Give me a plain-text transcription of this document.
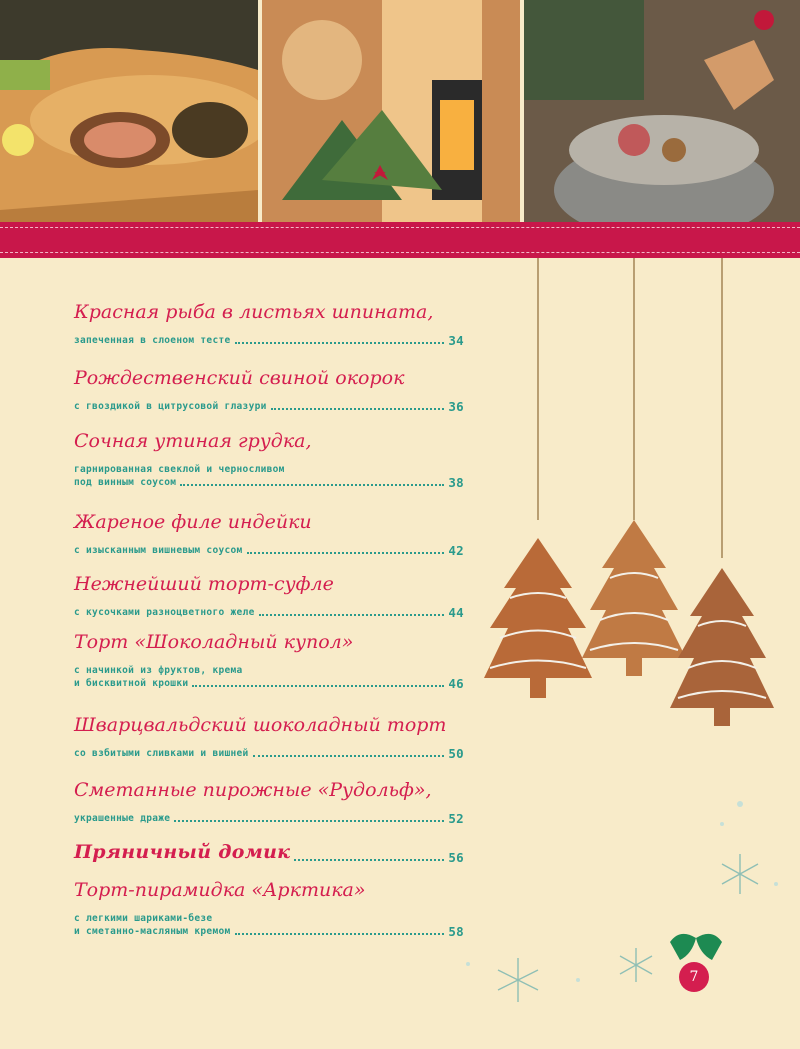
Красная рыба в листьях шпината,
запеченная в слоеном тесте	34
Рождественский свиной окорок
с гвоздикой в цитрусовой глазури	36
Сочная утиная грудка,
гарнированная свеклой и черносливом
под винным соусом	38
Жареное филе индейки
с изысканным вишневым соусом	42
Нежнейший торт-суфле
с кусочками разноцветного желе	44
Торт «Шоколадный купол»
с начинкой из фруктов, крема
и бисквитной крошки	46
Шварцвальдский шоколадный торт
со взбитыми сливками и вишней	50
Сметанные пирожные «Рудольф»,
украшенные драже	52
Пряничный домик	56
Торт-пирамидка «Арктика»
с легкими шариками-безе
и сметанно-масляным кремом	58
7
